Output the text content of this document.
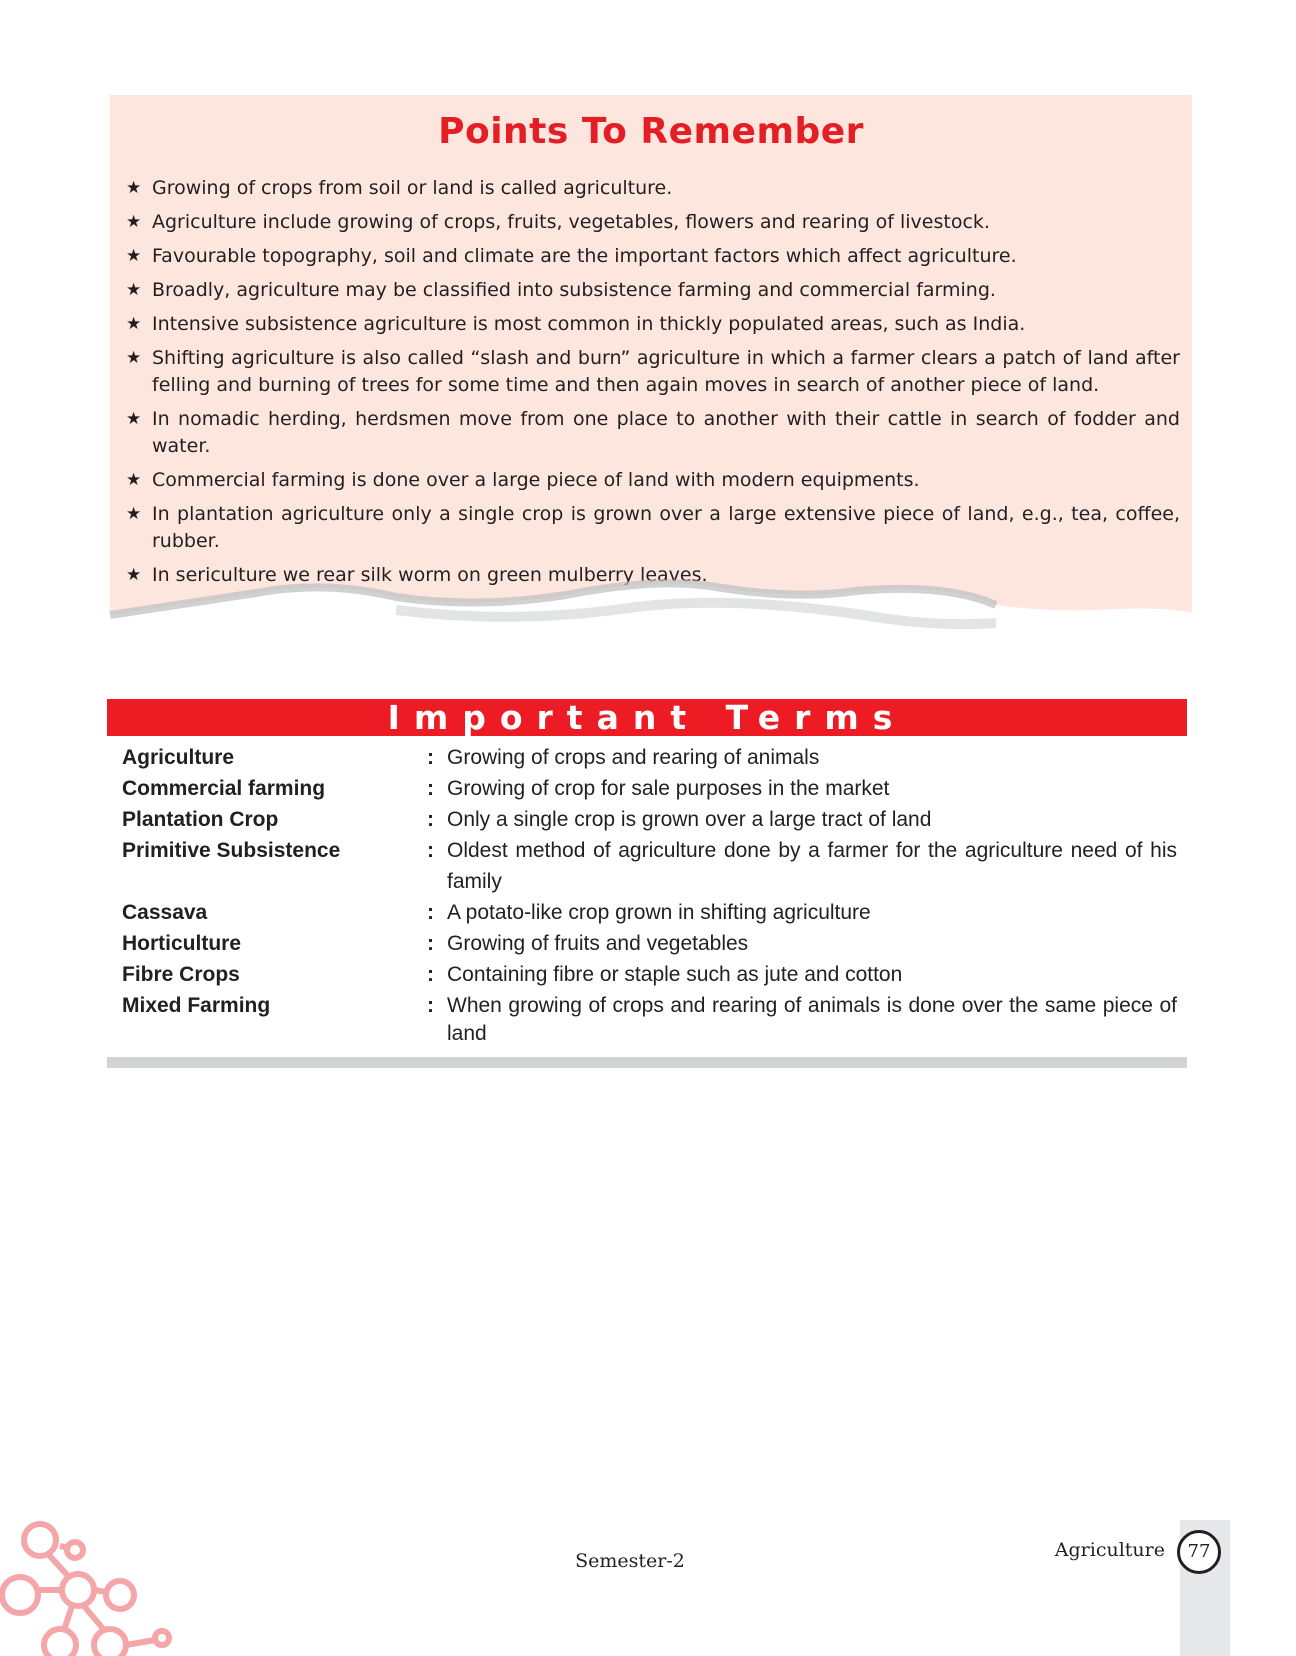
Points To Remember
★ Growing of crops from soil or land is called agriculture.
★ Agriculture include growing of crops, fruits, vegetables, flowers and rearing of livestock.
★ Favourable topography, soil and climate are the important factors which affect agriculture.
★ Broadly, agriculture may be classified into subsistence farming and commercial farming.
★ Intensive subsistence agriculture is most common in thickly populated areas, such as India.
★ Shifting agriculture is also called “slash and burn” agriculture in which a farmer clears a patch of land after felling and burning of trees for some time and then again moves in search of another piece of land.
★ In nomadic herding, herdsmen move from one place to another with their cattle in search of fodder and water.
★ Commercial farming is done over a large piece of land with modern equipments.
★ In plantation agriculture only a single crop is grown over a large extensive piece of land, e.g., tea, coffee, rubber.
★ In sericulture we rear silk worm on green mulberry leaves.
Important Terms
Agriculture	: Growing of crops and rearing of animals
Commercial farming	: Growing of crop for sale purposes in the market
Plantation Crop	: Only a single crop is grown over a large tract of land
Primitive Subsistence	: Oldest method of agriculture done by a farmer for the agriculture need of his family
Cassava	: A potato-like crop grown in shifting agriculture
Horticulture	: Growing of fruits and vegetables
Fibre Crops	: Containing fibre or staple such as jute and cotton
Mixed Farming	: When growing of crops and rearing of animals is done over the same piece of land
Semester-2	Agriculture	77
